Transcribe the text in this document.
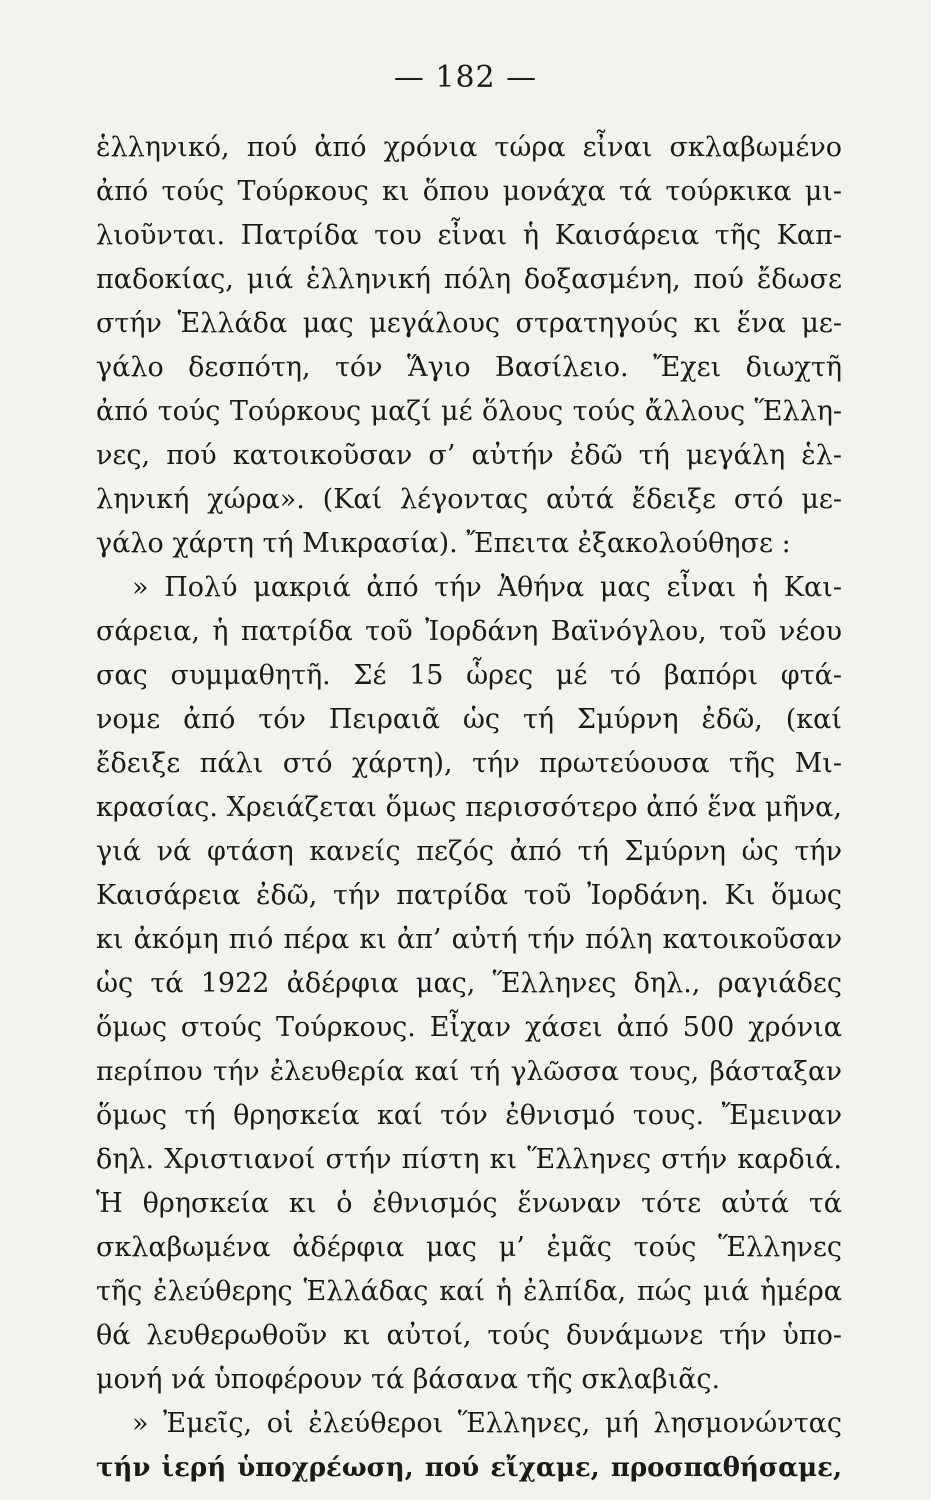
— 182 —
ἑλληνικό, πού ἀπό χρόνια τώρα εἶναι σκλαβωμένο
ἀπό τούς Τούρκους κι ὅπου μονάχα τά τούρκικα μι-
λιοῦνται. Πατρίδα του εἶναι ἡ Καισάρεια τῆς Καπ-
παδοκίας, μιά ἑλληνική πόλη δοξασμένη, πού ἔδωσε
στήν Ἑλλάδα μας μεγάλους στρατηγούς κι ἕνα με-
γάλο δεσπότη, τόν Ἅγιο Βασίλειο. Ἔχει διωχτῆ
ἀπό τούς Τούρκους μαζί μέ ὅλους τούς ἄλλους Ἕλλη-
νες, πού κατοικοῦσαν σ’ αὐτήν ἐδῶ τή μεγάλη ἑλ-
ληνική χώρα». (Καί λέγοντας αὐτά ἔδειξε στό με-
γάλο χάρτη τή Μικρασία). Ἔπειτα ἐξακολούθησε :
» Πολύ μακριά ἀπό τήν Ἀθήνα μας εἶναι ἡ Και-
σάρεια, ἡ πατρίδα τοῦ Ἰορδάνη Βαϊνόγλου, τοῦ νέου
σας συμμαθητῆ. Σέ 15 ὧρες μέ τό βαπόρι φτά-
νομε ἀπό τόν Πειραιᾶ ὡς τή Σμύρνη ἐδῶ, (καί
ἔδειξε πάλι στό χάρτη), τήν πρωτεύουσα τῆς Μι-
κρασίας. Χρειάζεται ὅμως περισσότερο ἀπό ἕνα μῆνα,
γιά νά φτάση κανείς πεζός ἀπό τή Σμύρνη ὡς τήν
Καισάρεια ἐδῶ, τήν πατρίδα τοῦ Ἰορδάνη. Κι ὅμως
κι ἀκόμη πιό πέρα κι ἀπ’ αὐτή τήν πόλη κατοικοῦσαν
ὡς τά 1922 ἀδέρφια μας, Ἕλληνες δηλ., ραγιάδες
ὅμως στούς Τούρκους. Εἶχαν χάσει ἀπό 500 χρόνια
περίπου τήν ἐλευθερία καί τή γλῶσσα τους, βάσταξαν
ὅμως τή θρησκεία καί τόν ἐθνισμό τους. Ἔμειναν
δηλ. Χριστιανοί στήν πίστη κι Ἕλληνες στήν καρδιά.
Ἡ θρησκεία κι ὁ ἐθνισμός ἕνωναν τότε αὐτά τά
σκλαβωμένα ἀδέρφια μας μ’ ἐμᾶς τούς Ἕλληνες
τῆς ἐλεύθερης Ἑλλάδας καί ἡ ἐλπίδα, πώς μιά ἡμέρα
θά λευθερωθοῦν κι αὐτοί, τούς δυνάμωνε τήν ὑπο-
μονή νά ὑποφέρουν τά βάσανα τῆς σκλαβιᾶς.
» Ἐμεῖς, οἱ ἐλεύθεροι Ἕλληνες, μή λησμονώντας
τήν ἱερή ὑποχρέωση, πού εἴχαμε, προσπαθήσαμε,
